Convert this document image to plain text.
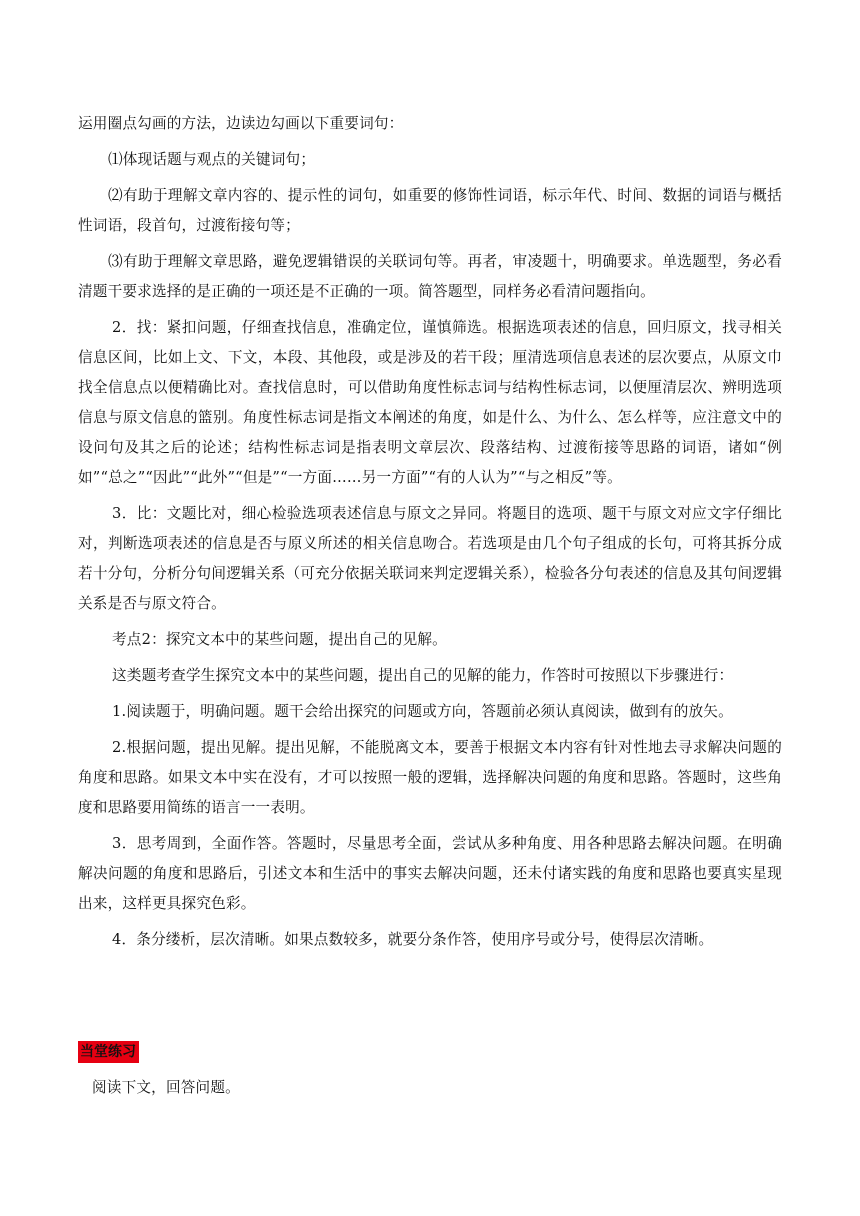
运用圈点勾画的方法，边读边勾画以下重要词句：

⑴体现话题与观点的关键词句；

⑵有助于理解文章内容的、提示性的词句，如重要的修饰性词语，标示年代、时间、数据的词语与概括性词语，段首句，过渡衔接句等；

⑶有助于理解文章思路，避免逻辑错误的关联词句等。再者，审凌题十，明确要求。单选题型，务必看清题干要求选择的是正确的一项还是不正确的一项。简答题型，同样务必看清问题指向。

2．找：紧扣问题，仔细查找信息，准确定位，谨慎筛选。根据选项表述的信息，回归原文，找寻相关信息区间，比如上文、下文，本段、其他段，或是涉及的若干段；厘清选项信息表述的层次要点，从原文巾找全信息点以便精确比对。查找信息时，可以借助角度性标志词与结构性标志词，以便厘清层次、辨明选项信息与原文信息的篮别。角度性标志词是指文本阐述的角度，如是什么、为什么、怎么样等，应注意文中的设问句及其之后的论述；结构性标志词是指表明文章层次、段落结构、过渡衔接等思路的词语，诸如“例如”“总之”“因此”“此外”“但是”“一方面……另一方面”“有的人认为”“与之相反”等。

3．比：文题比对，细心检验选项表述信息与原文之异同。将题目的选项、题干与原文对应文字仔细比对，判断选项表述的信息是否与原义所述的相关信息吻合。若选项是由几个句子组成的长句，可将其拆分成若十分句，分析分句间逻辑关系（可充分依据关联词来判定逻辑关系），检验各分句表述的信息及其句间逻辑关系是否与原文符合。

考点2：探究文本中的某些问题，提出自己的见解。

这类题考查学生探究文本中的某些问题，提出自己的见解的能力，作答时可按照以下步骤进行：

1.阅读题于，明确问题。题干会给出探究的问题或方向，答题前必须认真阅读，做到有的放矢。

2.根据问题，提出见解。提出见解，不能脱离文本，要善于根据文本内容有针对性地去寻求解决问题的角度和思路。如果文本中实在没有，才可以按照一般的逻辑，选择解决问题的角度和思路。答题时，这些角度和思路要用简练的语言一一表明。

3．思考周到，全面作答。答题时，尽量思考全面，尝试从多种角度、用各种思路去解决问题。在明确解决问题的角度和思路后，引述文本和生活中的事实去解决问题，还未付诸实践的角度和思路也要真实星现出来，这样更具探究色彩。

4．条分缕析，层次清晰。如果点数较多，就要分条作答，使用序号或分号，使得层次清晰。

当堂练习

阅读下文，回答问题。
